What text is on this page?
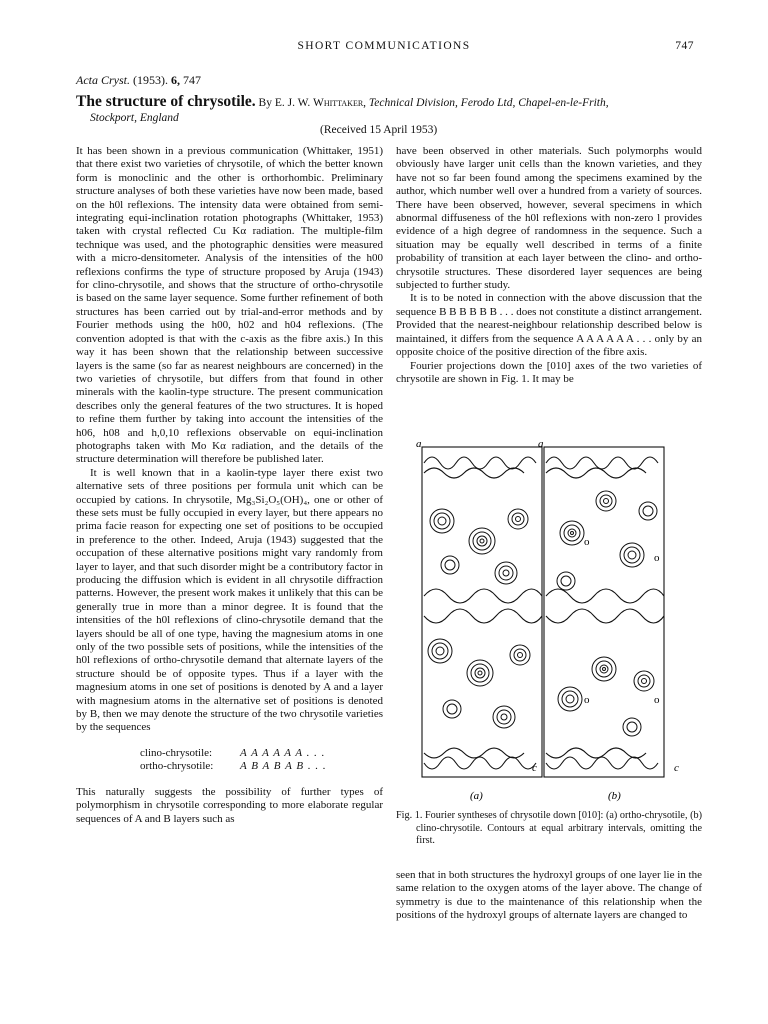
SHORT COMMUNICATIONS	747
Acta Cryst. (1953). 6, 747
The structure of chrysotile. By E. J. W. Whittaker, Technical Division, Ferodo Ltd, Chapel-en-le-Frith,
Stockport, England
(Received 15 April 1953)

It has been shown in a previous communication (Whittaker, 1951) that there exist two varieties of chrysotile, of which the better known form is monoclinic and the other is orthorhombic. Preliminary structure analyses of both these varieties have now been made, based on the h0l reflexions. The intensity data were obtained from semi-integrating equi-inclination rotation photographs (Whittaker, 1953) taken with crystal reflected Cu Kα radiation. The multiple-film technique was used, and the photographic densities were measured with a micro-densitometer. Analysis of the intensities of the h00 reflexions confirms the type of structure proposed by Aruja (1943) for clino-chrysotile, and shows that the structure of ortho-chrysotile is based on the same layer sequence. Some further refinement of both structures has been carried out by trial-and-error methods and by Fourier methods using the h00, h02 and h04 reflexions. (The convention adopted is that with the c-axis as the fibre axis.) In this way it has been shown that the relationship between successive layers is the same (so far as nearest neighbours are concerned) in the two varieties of chrysotile, but differs from that found in other minerals with the kaolin-type structure. The present communication describes only the general features of the two structures. It is hoped to refine them further by taking into account the intensities of the h06, h08 and h,0,10 reflexions observable on equi-inclination photographs taken with Mo Kα radiation, and the details of the structure determination will therefore be published later.

It is well known that in a kaolin-type layer there exist two alternative sets of three positions per formula unit which can be occupied by cations. In chrysotile, Mg₃Si₂O₅(OH)₄, one or other of these sets must be fully occupied in every layer, but there appears no prima facie reason for expecting one set of positions to be occupied in preference to the other. Indeed, Aruja (1943) suggested that the occupation of these alternative positions might vary randomly from layer to layer, and that such disorder might be a contributory factor in producing the diffusion which is evident in all chrysotile diffraction patterns. However, the present work makes it unlikely that this can be generally true in more than a minor degree. It is found that the intensities of the h0l reflexions of clino-chrysotile demand that the layers should be all of one type, having the magnesium atoms in one only of the two possible sets of positions, while the intensities of the h0l reflexions of ortho-chrysotile demand that alternate layers of the structure should be of opposite types. Thus if a layer with the magnesium atoms in one set of positions is denoted by A and a layer with magnesium atoms in the alternative set of positions is denoted by B, then we may denote the structure of the two chrysotile varieties by the sequences

clino-chrysotile:	A A A A A A . . .
ortho-chrysotile:	A B A B A B . . .

This naturally suggests the possibility of further types of polymorphism in chrysotile corresponding to more elaborate regular sequences of A and B layers such as

have been observed in other materials. Such polymorphs would obviously have larger unit cells than the known varieties, and they have not so far been found among the specimens examined by the author, which number well over a hundred from a variety of sources. There have been observed, however, several specimens in which abnormal diffuseness of the h0l reflexions with non-zero l provides evidence of a high degree of randomness in the sequence. Such a situation may be equally well described in terms of a finite probability of transition at each layer between the clino- and ortho-chrysotile structures. These disordered layer sequences are being subjected to further study.

It is to be noted in connection with the above discussion that the sequence B B B B B B . . . does not constitute a distinct arrangement. Provided that the nearest-neighbour relationship described below is maintained, it differs from the sequence A A A A A A . . . only by an opposite choice of the positive direction of the fibre axis.

Fourier projections down the [010] axes of the two varieties of chrysotile are shown in Fig. 1. It may be

a	a
c	c
o
o
o	o
(a)	(b)
Fig. 1. Fourier syntheses of chrysotile down [010]: (a) ortho-chrysotile, (b) clino-chrysotile. Contours at equal arbitrary intervals, omitting the first.

seen that in both structures the hydroxyl groups of one layer lie in the same relation to the oxygen atoms of the layer above. The change of symmetry is due to the maintenance of this relationship when the positions of the hydroxyl groups of alternate layers are changed to
